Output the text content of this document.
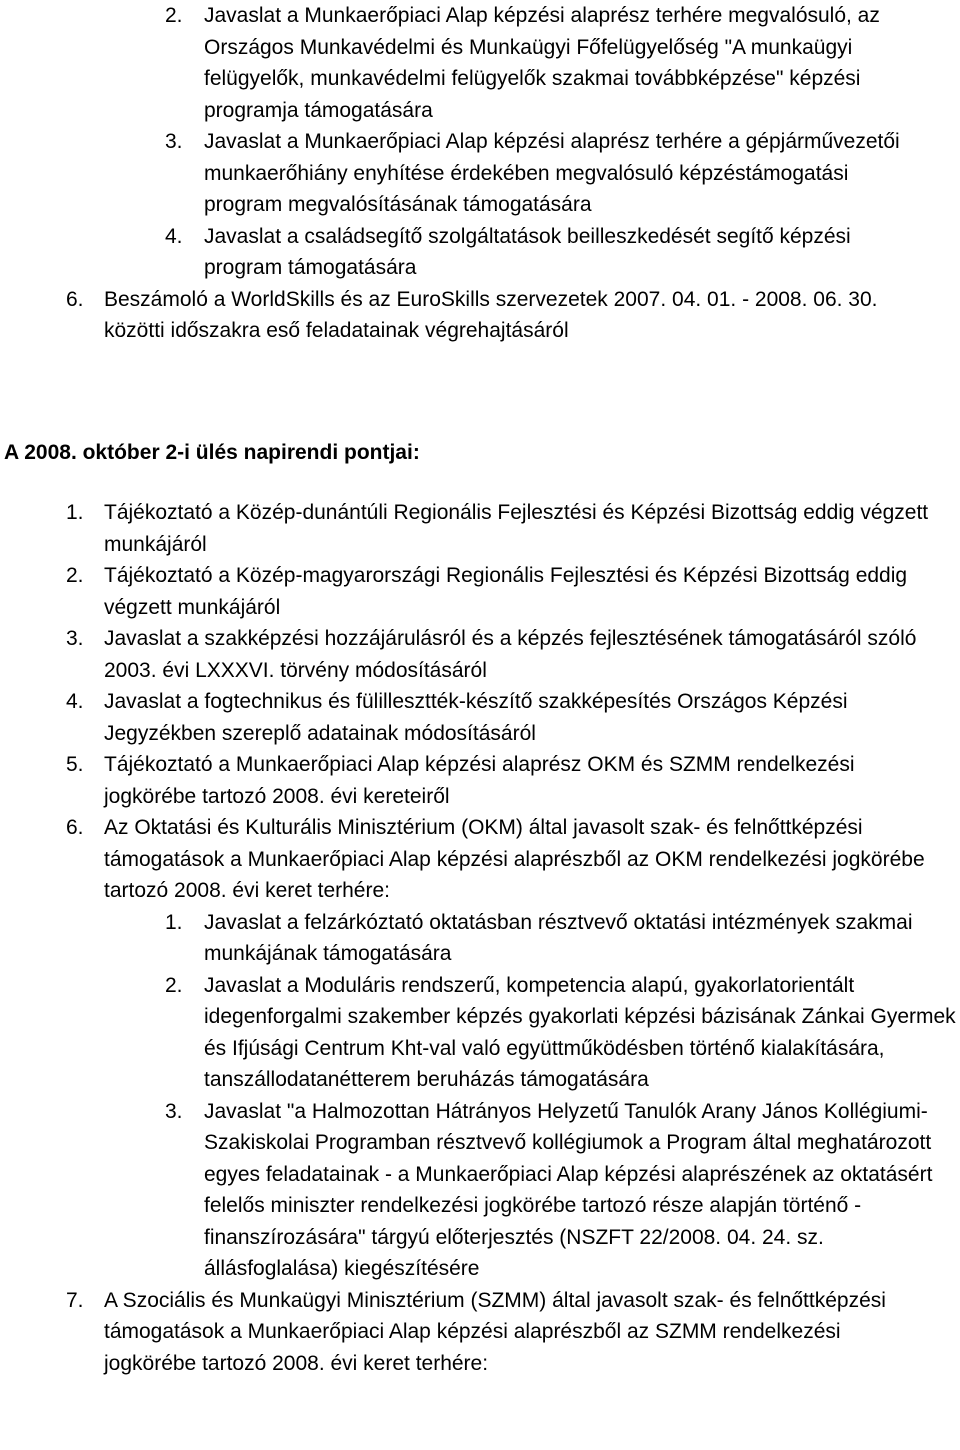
2. Javaslat a Munkaerőpiaci Alap képzési alaprész terhére megvalósuló, az Országos Munkavédelmi és Munkaügyi Főfelügyelőség "A munkaügyi felügyelők, munkavédelmi felügyelők szakmai továbbképzése" képzési programja támogatására
3. Javaslat a Munkaerőpiaci Alap képzési alaprész terhére a gépjárművezetői munkaerőhiány enyhítése érdekében megvalósuló képzéstámogatási program megvalósításának támogatására
4. Javaslat a családsegítő szolgáltatások beilleszkedését segítő képzési program támogatására
6. Beszámoló a WorldSkills és az EuroSkills szervezetek 2007. 04. 01. - 2008. 06. 30. közötti időszakra eső feladatainak végrehajtásáról
A 2008. október 2-i ülés napirendi pontjai:
1. Tájékoztató a Közép-dunántúli Regionális Fejlesztési és Képzési Bizottság eddig végzett munkájáról
2. Tájékoztató a Közép-magyarországi Regionális Fejlesztési és Képzési Bizottság eddig végzett munkájáról
3. Javaslat a szakképzési hozzájárulásról és a képzés fejlesztésének támogatásáról szóló 2003. évi LXXXVI. törvény módosításáról
4. Javaslat a fogtechnikus és fülillesztték-készítő szakképesítés Országos Képzési Jegyzékben szereplő adatainak módosításáról
5. Tájékoztató a Munkaerőpiaci Alap képzési alaprész OKM és SZMM rendelkezési jogkörébe tartozó 2008. évi kereteiről
6. Az Oktatási és Kulturális Minisztérium (OKM) által javasolt szak- és felnőttképzési támogatások a Munkaerőpiaci Alap képzési alaprészből az OKM rendelkezési jogkörébe tartozó 2008. évi keret terhére:
1. Javaslat a felzárkóztató oktatásban résztvevő oktatási intézmények szakmai munkájának támogatására
2. Javaslat a Moduláris rendszerű, kompetencia alapú, gyakorlatorientált idegenforgalmi szakember képzés gyakorlati képzési bázisának Zánkai Gyermek és Ifjúsági Centrum Kht-val való együttműködésben történő kialakítására, tanszállodatanétterem beruházás támogatására
3. Javaslat "a Halmozottan Hátrányos Helyzetű Tanulók Arany János Kollégiumi-Szakiskolai Programban résztvevő kollégiumok a Program által meghatározott egyes feladatainak - a Munkaerőpiaci Alap képzési alaprészének az oktatásért felelős miniszter rendelkezési jogkörébe tartozó része alapján történő - finanszírozására" tárgyú előterjesztés (NSZFT 22/2008. 04. 24. sz. állásfoglalása) kiegészítésére
7. A Szociális és Munkaügyi Minisztérium (SZMM) által javasolt szak- és felnőttképzési támogatások a Munkaerőpiaci Alap képzési alaprészből az SZMM rendelkezési jogkörébe tartozó 2008. évi keret terhére:
